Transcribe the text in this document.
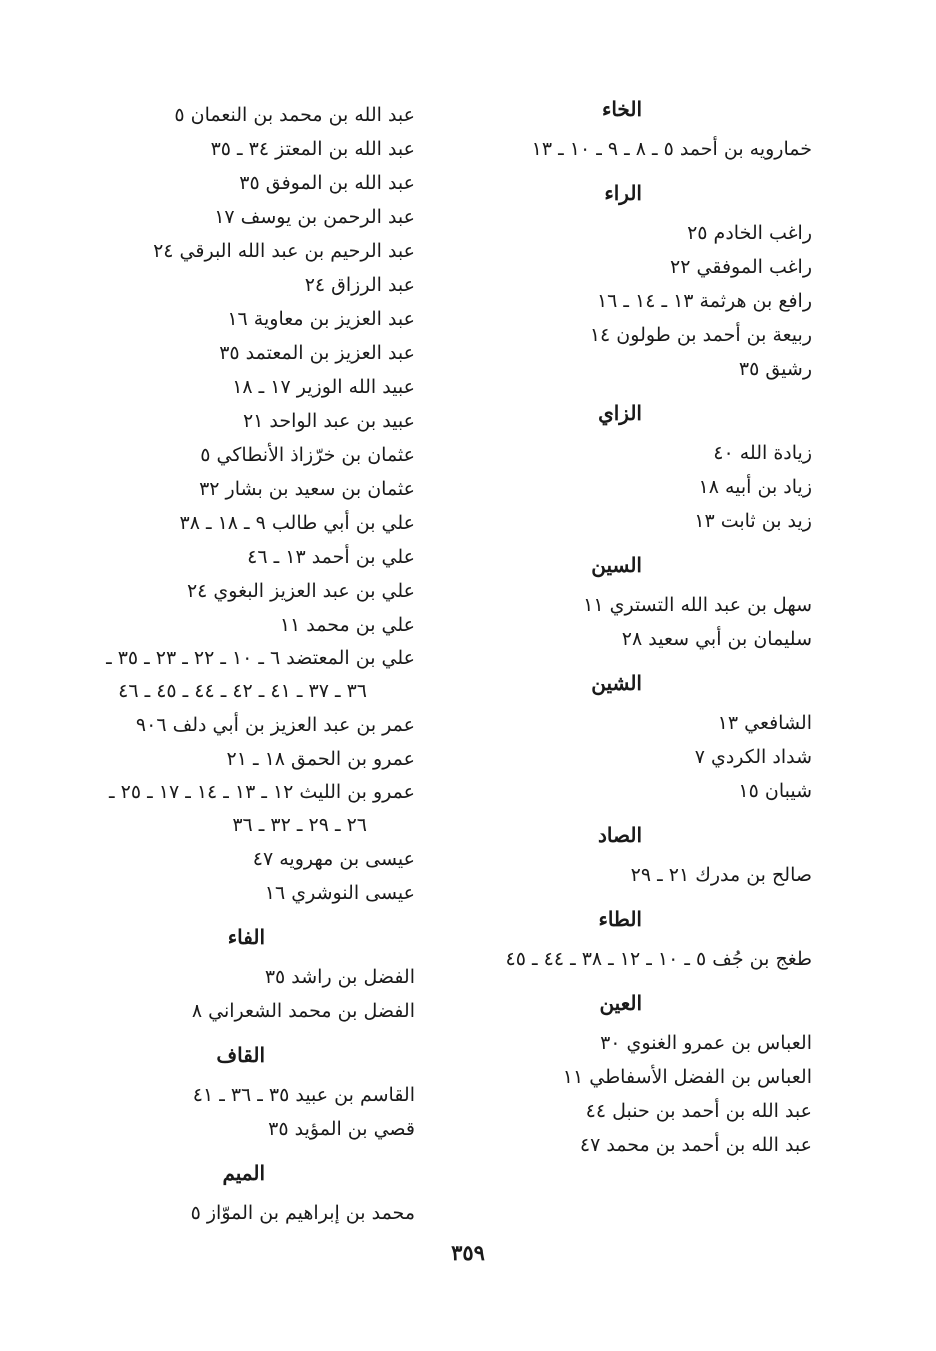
الخاء
خمارويه بن أحمد ٥ ـ ٨ ـ ٩ ـ ١٠ ـ ١٣
الراء
راغب الخادم ٢٥
راغب الموفقي ٢٢
رافع بن هرثمة ١٣ ـ ١٤ ـ ١٦
ربيعة بن أحمد بن طولون ١٤
رشيق ٣٥
الزاي
زيادة الله ٤٠
زياد بن أبيه ١٨
زيد بن ثابت ١٣
السين
سهل بن عبد الله التستري ١١
سليمان بن أبي سعيد ٢٨
الشين
الشافعي ١٣
شداد الكردي ٧
شيبان ١٥
الصاد
صالح بن مدرك ٢١ ـ ٢٩
الطاء
طغج بن جُف ٥ ـ ١٠ ـ ١٢ ـ ٣٨ ـ ٤٤ ـ ٤٥
العين
العباس بن عمرو الغنوي ٣٠
العباس بن الفضل الأسفاطي ١١
عبد الله بن أحمد بن حنبل ٤٤
عبد الله بن أحمد بن محمد ٤٧
عبد الله بن محمد بن النعمان ٥
عبد الله بن المعتز ٣٤ ـ ٣٥
عبد الله بن الموفق ٣٥
عبد الرحمن بن يوسف ١٧
عبد الرحيم بن عبد الله البرقي ٢٤
عبد الرزاق ٢٤
عبد العزيز بن معاوية ١٦
عبد العزيز بن المعتمد ٣٥
عبيد الله الوزير ١٧ ـ ١٨
عبيد بن عبد الواحد ٢١
عثمان بن خرّزاذ الأنطاكي ٥
عثمان بن سعيد بن بشار ٣٢
علي بن أبي طالب ٩ ـ ١٨ ـ ٣٨
علي بن أحمد ١٣ ـ ٤٦
علي بن عبد العزيز البغوي ٢٤
علي بن محمد ١١
علي بن المعتضد ٦ ـ ١٠ ـ ٢٢ ـ ٢٣ ـ ٣٥ ـ
٣٦ ـ ٣٧ ـ ٤١ ـ ٤٢ ـ ٤٤ ـ ٤٥ ـ ٤٦
عمر بن عبد العزيز بن أبي دلف ٩٠٦
عمرو بن الحمق ١٨ ـ ٢١
عمرو بن الليث ١٢ ـ ١٣ ـ ١٤ ـ ١٧ ـ ٢٥ ـ
٢٦ ـ ٢٩ ـ ٣٢ ـ ٣٦
عيسى بن مهرويه ٤٧
عيسى النوشري ١٦
الفاء
الفضل بن راشد ٣٥
الفضل بن محمد الشعراني ٨
القاف
القاسم بن عبيد ٣٥ ـ ٣٦ ـ ٤١
قصي بن المؤيد ٣٥
الميم
محمد بن إبراهيم بن الموّاز ٥
٣٥٩
